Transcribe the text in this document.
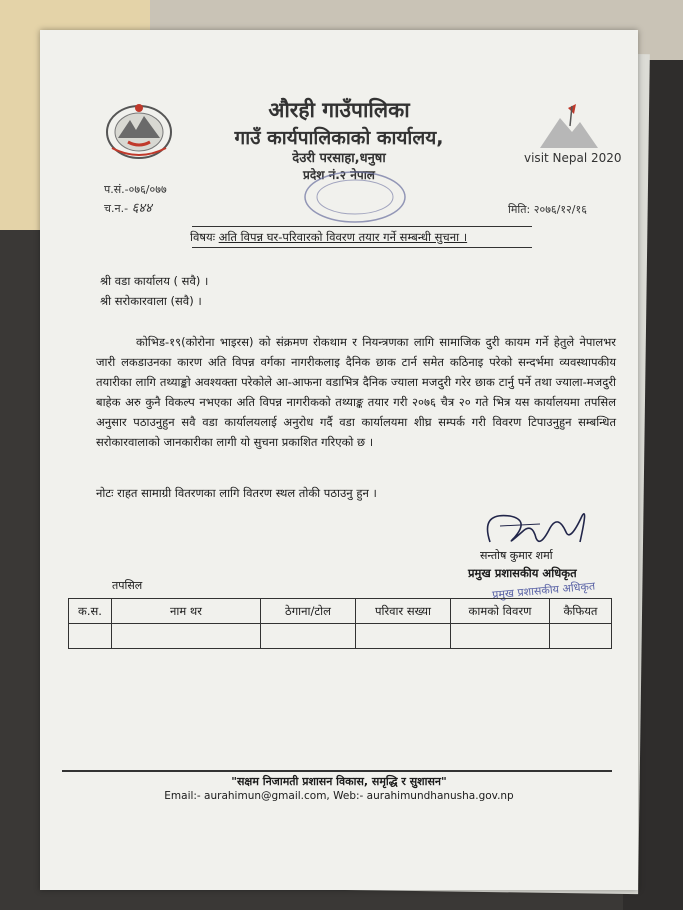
visit Nepal 2020
औरही गाउँपालिका
गाउँ कार्यपालिकाको कार्यालय,
देउरी परसाहा,धनुषा
प्रदेश नं.२ नेपाल
प.सं.-०७६/०७७
च.न.- ६४४	मिति: २०७६/१२/१६
विषयः अति विपन्न घर-परिवारको विवरण तयार गर्ने सम्बन्धी सुचना ।
श्री वडा कार्यालय ( सवै) ।
श्री सरोकारवाला (सवै) ।
कोभिड-१९(कोरोना भाइरस) को संक्रमण रोकथाम र नियन्त्रणका लागि सामाजिक दुरी कायम गर्ने हेतुले नेपालभर जारी लकडाउनका कारण अति विपन्न वर्गका नागरीकलाइ दैनिक छाक टार्न समेत कठिनाइ परेको सन्दर्भमा व्यवस्थापकीय तयारीका लागि तथ्याङ्को अवश्यक्ता परेकोले आ-आफना वडाभित्र दैनिक ज्याला मजदुरी गरेर छाक टार्नु पर्ने तथा ज्याला-मजदुरी बाहेक अरु कुनै विकल्प नभएका अति विपन्न नागरीकको तथ्याङ्क तयार गरी २०७६ चैत्र २० गते भित्र यस कार्यालयमा तपसिल अनुसार पठाउनुहुन सवै वडा कार्यालयलाई अनुरोध गर्दै वडा कार्यालयमा शीघ्र सम्पर्क गरी विवरण टिपाउनुहुन सम्बन्धित सरोकारवालाको जानकारीका लागी यो सुचना प्रकाशित गरिएको छ ।
नोटः राहत सामाग्री वितरणका लागि वितरण स्थल तोकी पठाउनु हुन ।
सन्तोष कुमार शर्मा
प्रमुख प्रशासकीय अधिकृत
प्रमुख प्रशासकीय अधिकृत
तपसिल
क.स.	नाम थर	ठेगाना/टोल	परिवार सख्या	कामको विवरण	कैफियत

"सक्षम निजामती प्रशासन विकास, समृद्धि र सुशासन"
Email:- aurahimun@gmail.com, Web:- aurahimundhanusha.gov.np
